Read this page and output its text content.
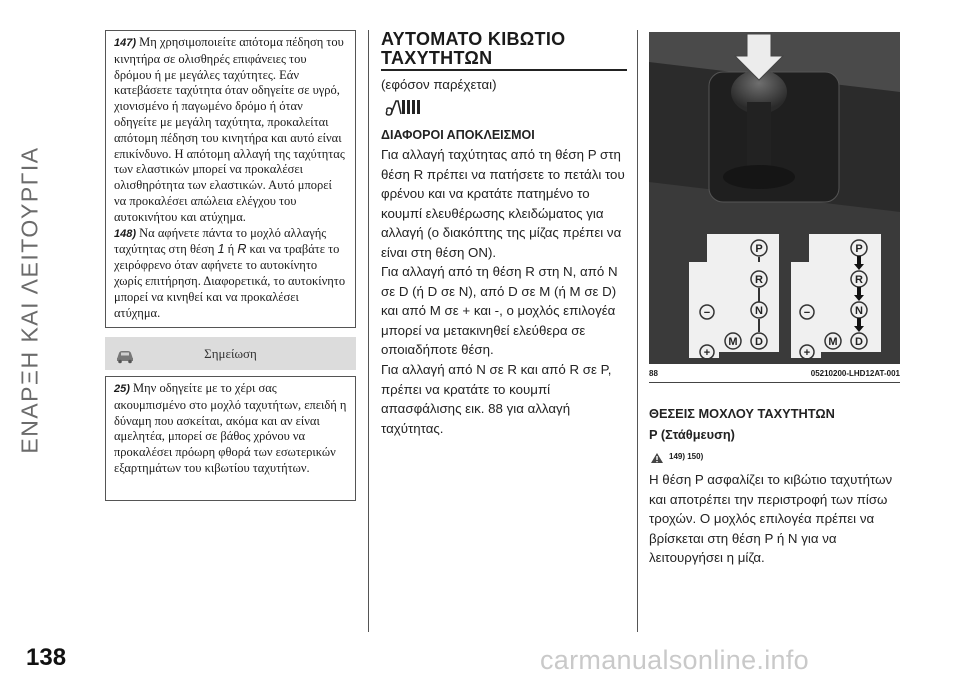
ΕΝΑΡΞΗ ΚΑΙ ΛΕΙΤΟΥΡΓΙΑ
147) Μη χρησιμοποιείτε απότομα πέδηση του κινητήρα σε ολισθηρές επιφάνειες του δρόμου ή με μεγάλες ταχύτητες. Εάν κατεβάσετε ταχύτητα όταν οδηγείτε σε υγρό, χιονισμένο ή παγωμένο δρόμο ή όταν οδηγείτε με μεγάλη ταχύτητα, προκαλείται απότομη πέδηση του κινητήρα και αυτό είναι επικίνδυνο. Η απότομη αλλαγή της ταχύτητας των ελαστικών μπορεί να προκαλέσει ολισθηρότητα των ελαστικών. Αυτό μπορεί να προκαλέσει απώλεια ελέγχου του αυτοκινήτου και ατύχημα.
148) Να αφήνετε πάντα το μοχλό αλλαγής ταχύτητας στη θέση 1 ή R και να τραβάτε το χειρόφρενο όταν αφήνετε το αυτοκίνητο χωρίς επιτήρηση. Διαφορετικά, το αυτοκίνητο μπορεί να κινηθεί και να προκαλέσει ατύχημα.
Σημείωση
25) Μην οδηγείτε με το χέρι σας ακουμπισμένο στο μοχλό ταχυτήτων, επειδή η δύναμη που ασκείται, ακόμα και αν είναι αμελητέα, μπορεί σε βάθος χρόνου να προκαλέσει πρόωρη φθορά των εσωτερικών εξαρτημάτων του κιβωτίου ταχυτήτων.
ΑΥΤΟΜΑΤΟ ΚΙΒΩΤΙΟ
ΤΑΧΥΤΗΤΩΝ
(εφόσον παρέχεται)
ΔΙΑΦΟΡΟΙ ΑΠΟΚΛΕΙΣΜΟΙ
Για αλλαγή ταχύτητας από τη θέση P στη θέση R πρέπει να πατήσετε το πετάλι του φρένου και να κρατάτε πατημένο το κουμπί ελευθέρωσης κλειδώματος για αλλαγή (ο διακόπτης της μίζας πρέπει να είναι στη θέση ON).
Για αλλαγή από τη θέση R στη N, από N σε D (ή D σε N), από D σε M (ή M σε D) και από M σε + και -, ο μοχλός επιλογέα μπορεί να μετακινηθεί ελεύθερα σε οποιαδήποτε θέση.
Για αλλαγή από N σε R και από R σε P, πρέπει να κρατάτε το κουμπί απασφάλισης εικ. 88 για αλλαγή ταχύτητας.
P
R
N
D
M
−
+
P
R
N
D
M
−
+
88	05210200-LHD12AT-001
ΘΕΣΕΙΣ ΜΟΧΛΟΥ ΤΑΧΥΤΗΤΩΝ
P (Στάθμευση)
149) 150)
Η θέση P ασφαλίζει το κιβώτιο ταχυτήτων και αποτρέπει την περιστροφή των πίσω τροχών. Ο μοχλός επιλογέα πρέπει να βρίσκεται στη θέση P ή N για να λειτουργήσει η μίζα.
138	carmanualsonline.info
